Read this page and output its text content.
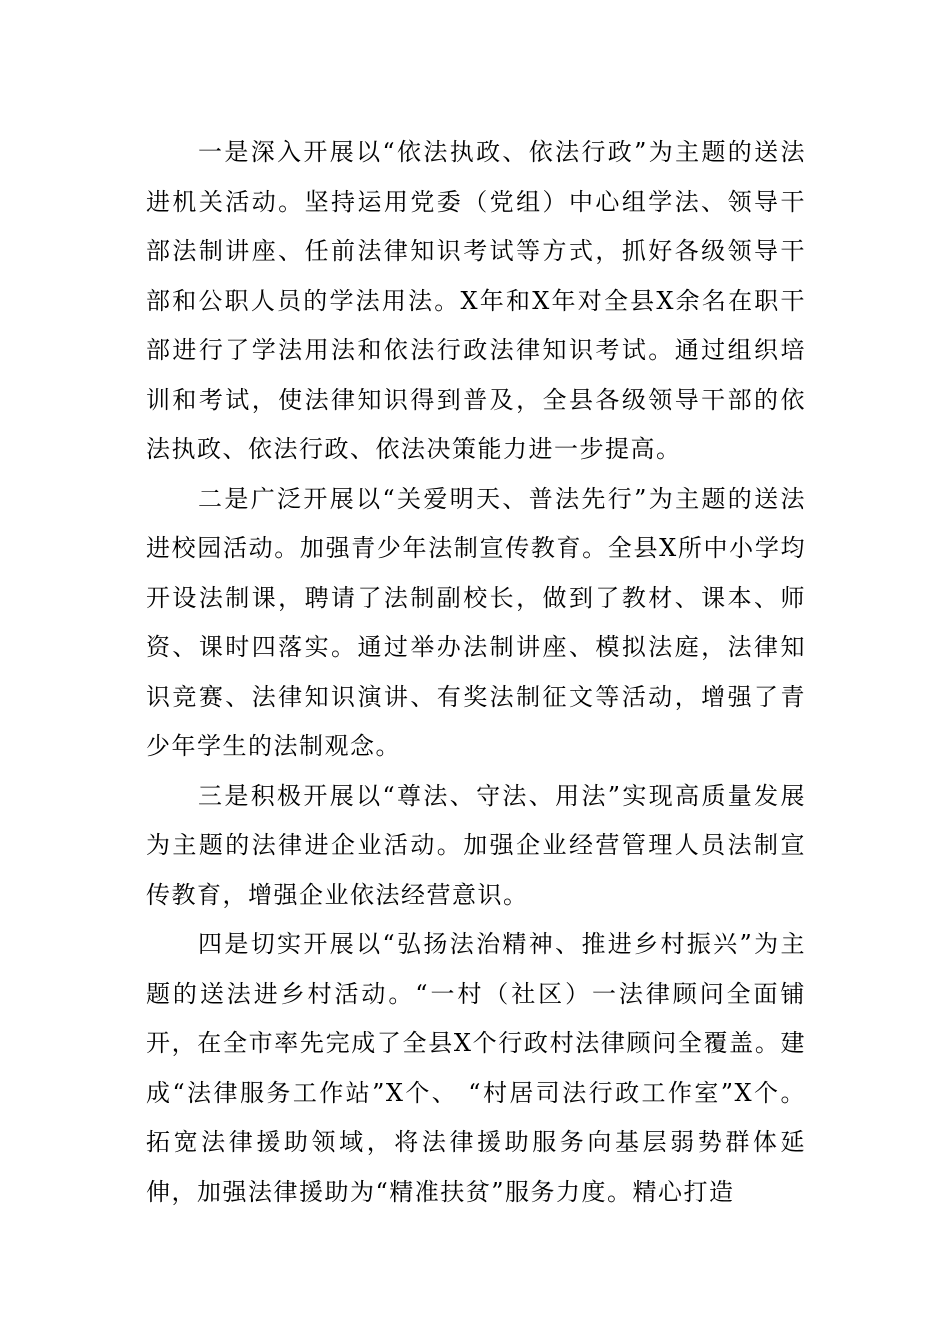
一是深入开展以“依法执政、依法行政”为主题的送法进机关活动。坚持运用党委（党组）中心组学法、领导干部法制讲座、任前法律知识考试等方式，抓好各级领导干部和公职人员的学法用法。X年和X年对全县X余名在职干部进行了学法用法和依法行政法律知识考试。通过组织培训和考试，使法律知识得到普及，全县各级领导干部的依法执政、依法行政、依法决策能力进一步提高。

二是广泛开展以“关爱明天、普法先行”为主题的送法进校园活动。加强青少年法制宣传教育。全县X所中小学均开设法制课，聘请了法制副校长，做到了教材、课本、师资、课时四落实。通过举办法制讲座、模拟法庭，法律知识竞赛、法律知识演讲、有奖法制征文等活动，增强了青少年学生的法制观念。

三是积极开展以“尊法、守法、用法”实现高质量发展为主题的法律进企业活动。加强企业经营管理人员法制宣传教育，增强企业依法经营意识。

四是切实开展以“弘扬法治精神、推进乡村振兴”为主题的送法进乡村活动。“一村（社区）一法律顾问全面铺开，在全市率先完成了全县X个行政村法律顾问全覆盖。建成“法律服务工作站”X个、 “村居司法行政工作室”X个。拓宽法律援助领域，将法律援助服务向基层弱势群体延伸，加强法律援助为“精准扶贫”服务力度。精心打造
